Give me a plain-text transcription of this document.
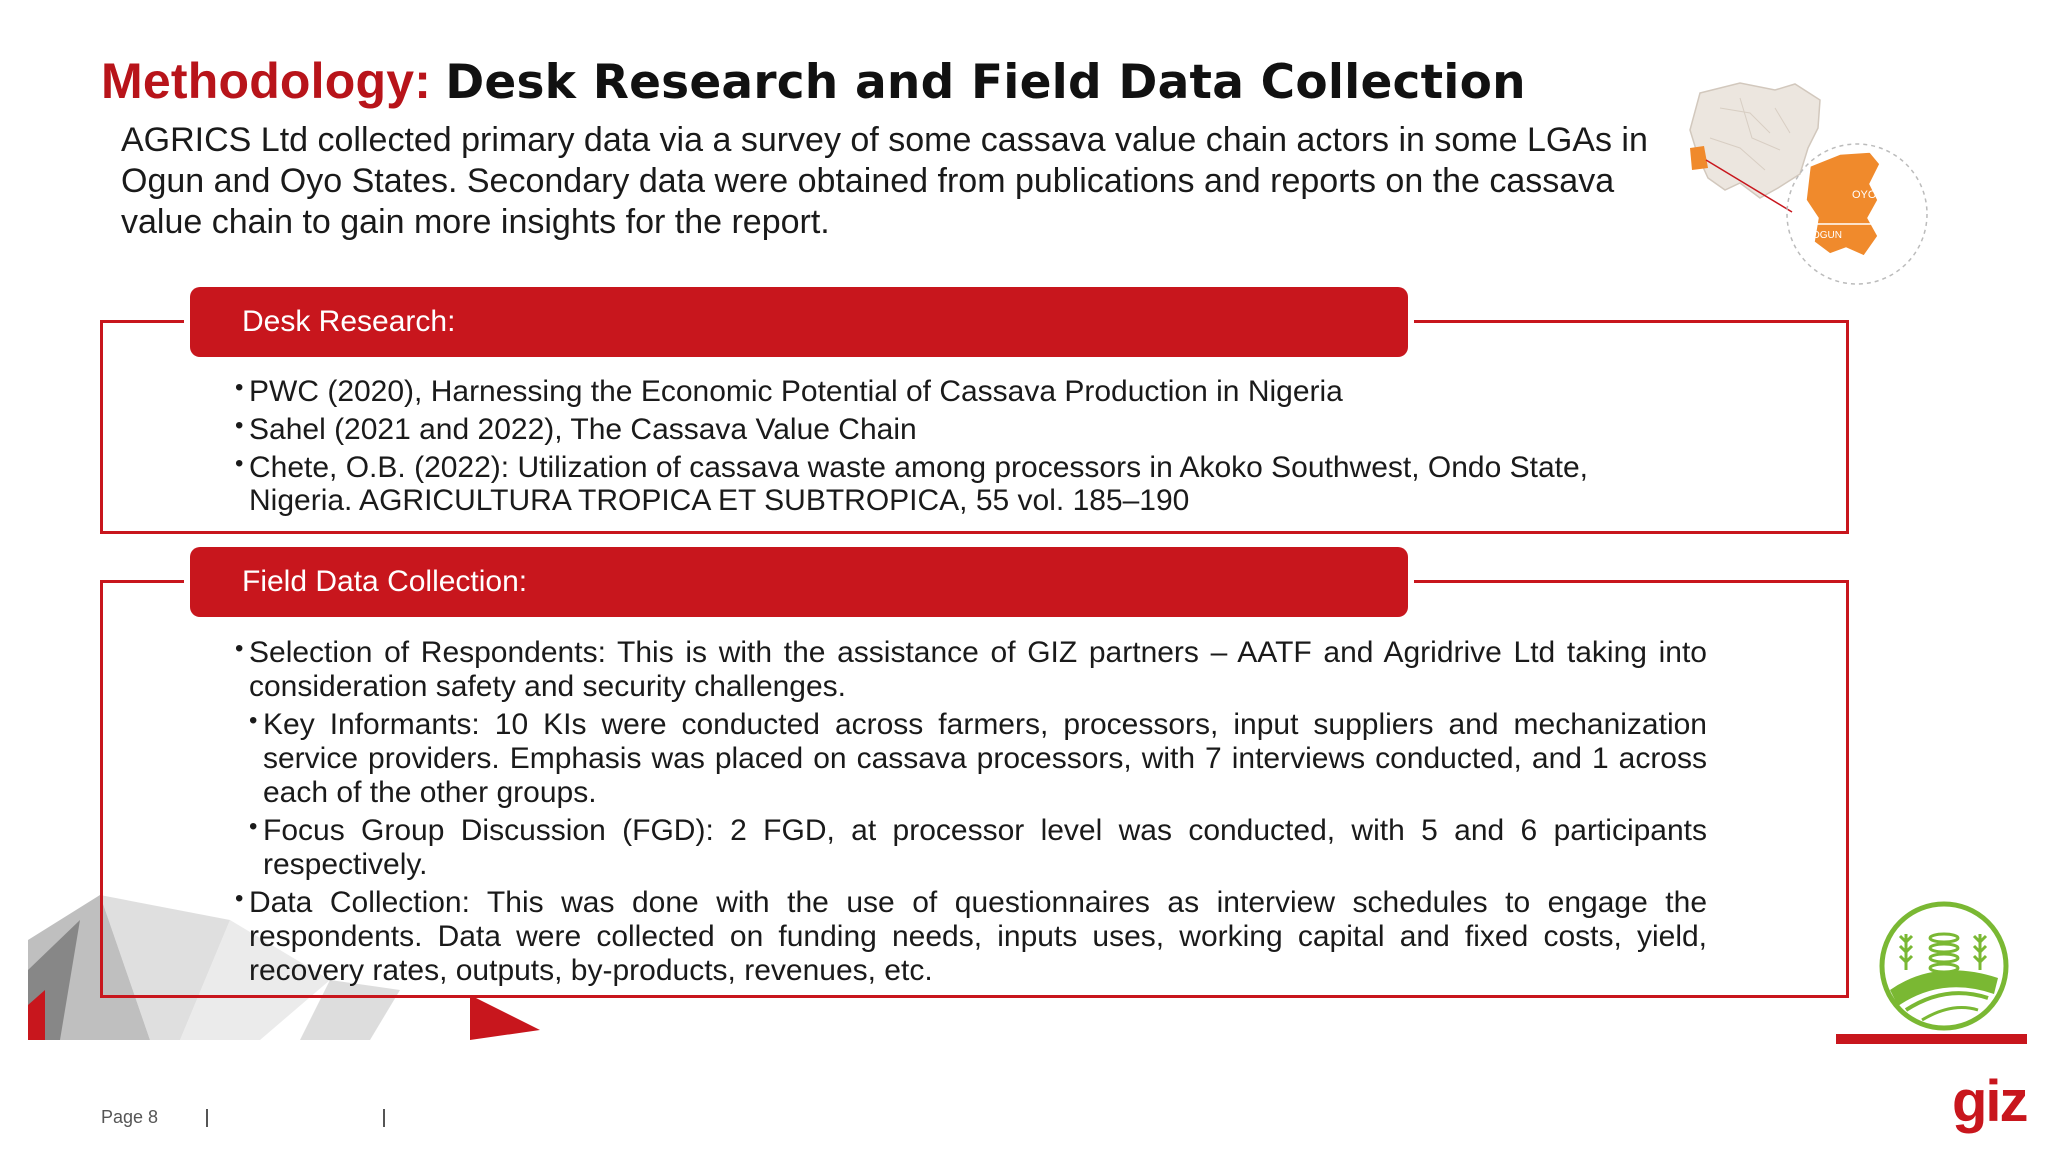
Methodology: Desk Research and Field Data Collection
AGRICS Ltd collected primary data via a survey of some cassava value chain actors in some LGAs in Ogun and Oyo States. Secondary data were obtained from publications and reports on the cassava value chain to gain more insights for the report.
OYO
OGUN
Desk Research:
• PWC (2020), Harnessing the Economic Potential of Cassava Production in Nigeria
• Sahel (2021 and 2022), The Cassava Value Chain
• Chete, O.B. (2022): Utilization of cassava waste among processors in Akoko Southwest, Ondo State, Nigeria. AGRICULTURA TROPICA ET SUBTROPICA, 55 vol. 185–190
Field Data Collection:
• Selection of Respondents: This is with the assistance of GIZ partners – AATF and Agridrive Ltd taking into consideration safety and security challenges.
• Key Informants: 10 KIs were conducted across farmers, processors, input suppliers and mechanization service providers. Emphasis was placed on cassava processors, with 7 interviews conducted, and 1 across each of the other groups.
• Focus Group Discussion (FGD): 2 FGD, at processor level was conducted, with 5 and 6 participants respectively.
• Data Collection: This was done with the use of questionnaires as interview schedules to engage the respondents. Data were collected on funding needs, inputs uses, working capital and fixed costs, yield, recovery rates, outputs, by-products, revenues, etc.
Page 8	giz
